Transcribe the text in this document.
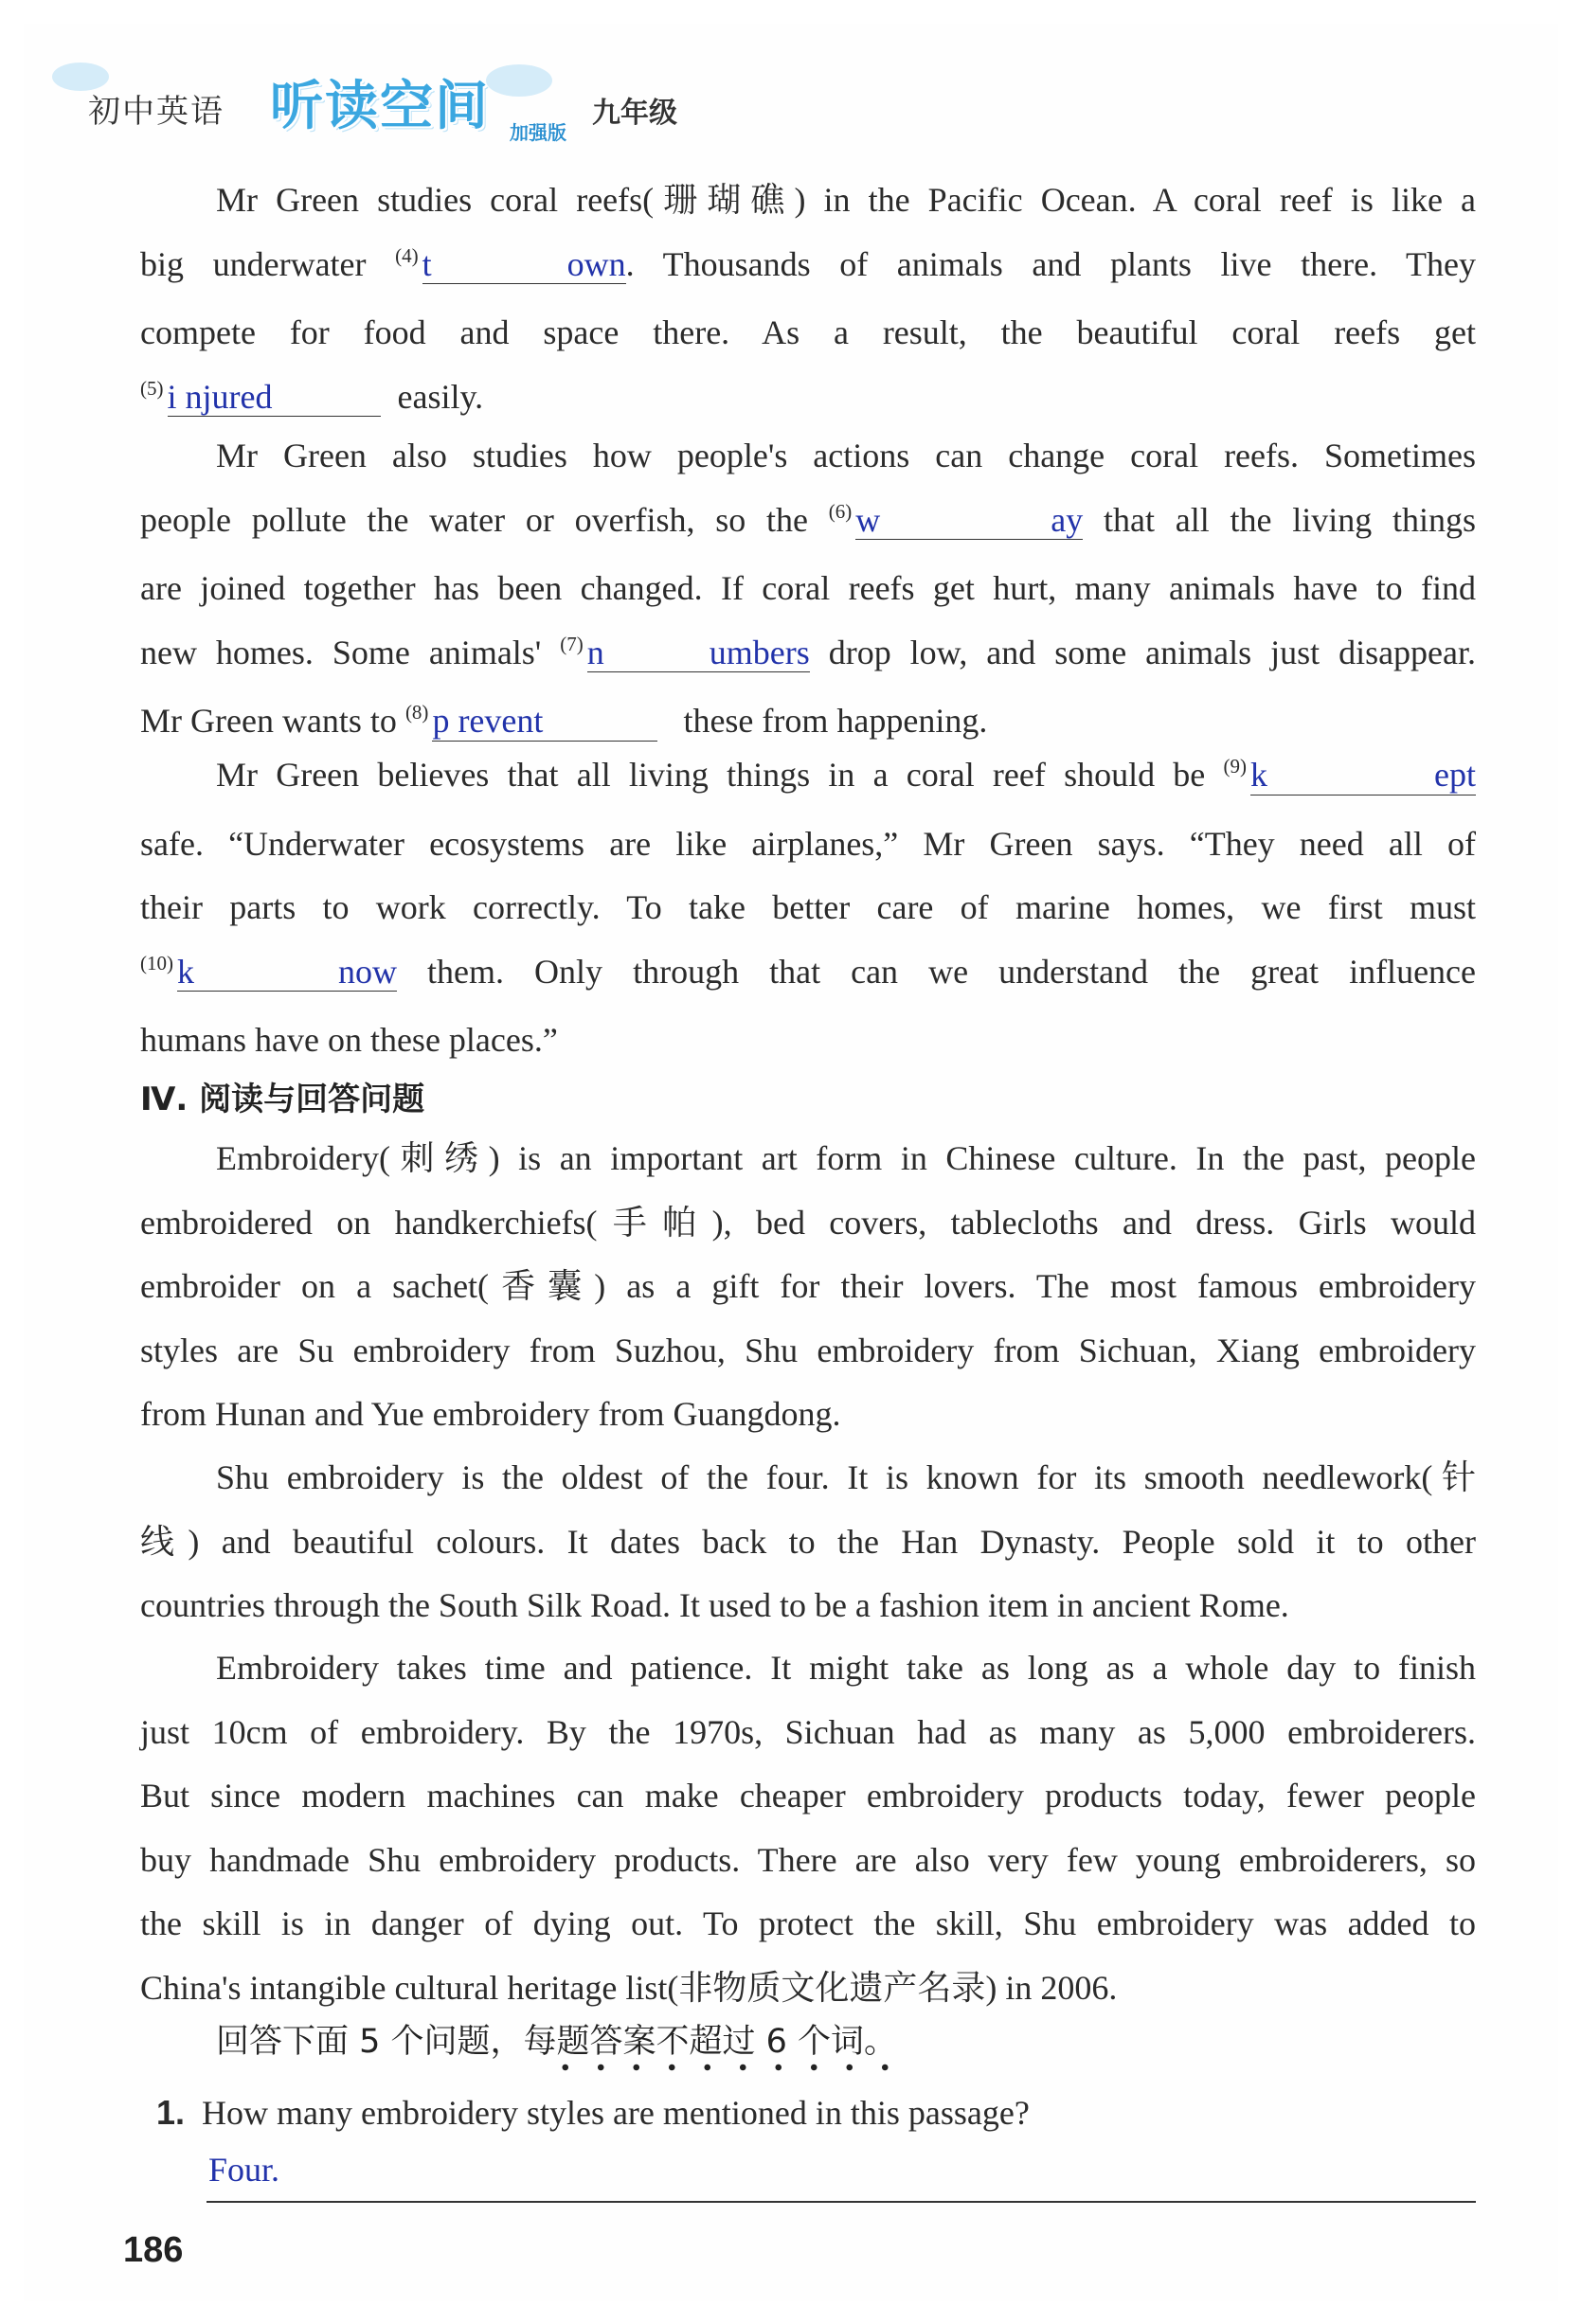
初中英语 听读空间 加强版
九年级
Mr Green studies coral reefs(珊瑚礁) in the Pacific Ocean. A coral reef is like a
big underwater $^{(4)}$ t own. Thousands of animals and plants live there. They
compete for food and space there. As a result, the beautiful coral reefs get
$^{(5)}$ i njured	easily.
Mr Green also studies how people's actions can change coral reefs. Sometimes
people pollute the water or overfish, so the $^{(6)}$ w ay that all the living things
are joined together has been changed. If coral reefs get hurt, many animals have to find
new homes. Some animals' $^{(7)}$ n umbers drop low, and some animals just disappear.
Mr Green wants to $^{(8)}$ p revent	these from happening.
Mr Green believes that all living things in a coral reef should be $^{(9)}$ k ept
safe. “Underwater ecosystems are like airplanes,” Mr Green says. “They need all of
their parts to work correctly. To take better care of marine homes, we first must
$^{(10)}$ k now them. Only through that can we understand the great influence
humans have on these places.”
Ⅳ. 阅读与回答问题
Embroidery(刺绣) is an important art form in Chinese culture. In the past, people
embroidered on handkerchiefs(手帕), bed covers, tablecloths and dress. Girls would
embroider on a sachet(香囊) as a gift for their lovers. The most famous embroidery
styles are Su embroidery from Suzhou, Shu embroidery from Sichuan, Xiang embroidery
from Hunan and Yue embroidery from Guangdong.
Shu embroidery is the oldest of the four. It is known for its smooth needlework(针
线) and beautiful colours. It dates back to the Han Dynasty. People sold it to other
countries through the South Silk Road. It used to be a fashion item in ancient Rome.
Embroidery takes time and patience. It might take as long as a whole day to finish
just 10cm of embroidery. By the 1970s, Sichuan had as many as 5,000 embroiderers.
But since modern machines can make cheaper embroidery products today, fewer people
buy handmade Shu embroidery products. There are also very few young embroiderers, so
the skill is in danger of dying out. To protect the skill, Shu embroidery was added to
China's intangible cultural heritage list(非物质文化遗产名录) in 2006.
回答下面 5 个问题，每题答案不超过 6 个词。
1. How many embroidery styles are mentioned in this passage?
Four.
186
